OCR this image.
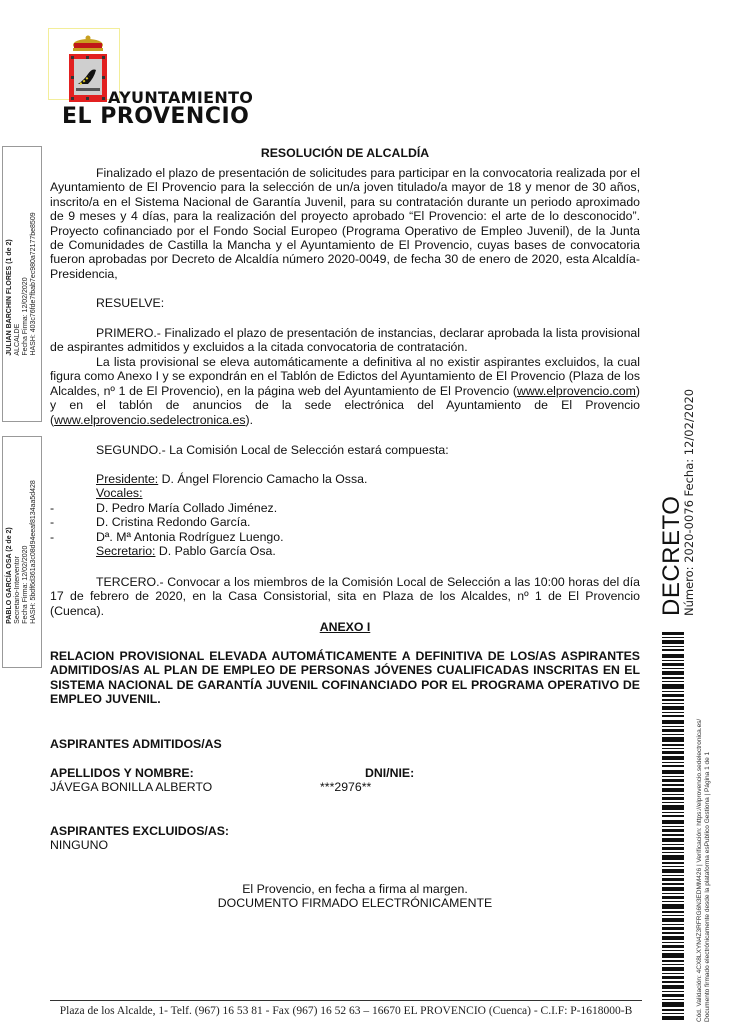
AYUNTAMIENTO
EL PROVENCIO
JULIAN BARCHIN FLORES (1 de 2) ALCALDE Fecha Firma: 12/02/2020 HASH: 403c76fde7fbab7ec980a72177be8509
PABLO GARCÍA OSA (2 de 2) Secretario-Interventor Fecha Firma: 12/02/2020 HASH: 5bdf6d361a3c08d94eeaf8134aa5d428
RESOLUCIÓN DE ALCALDÍA
Finalizado el plazo de presentación de solicitudes para participar en la convocatoria realizada por el Ayuntamiento de El Provencio para la selección de un/a joven titulado/a mayor de 18 y menor de 30 años, inscrito/a en el Sistema Nacional de Garantía Juvenil, para su contratación durante un periodo aproximado de 9 meses y 4 días, para la realización del proyecto aprobado “El Provencio: el arte de lo desconocido”. Proyecto cofinanciado por el Fondo Social Europeo (Programa Operativo de Empleo Juvenil), de la Junta de Comunidades de Castilla la Mancha y el Ayuntamiento de El Provencio, cuyas bases de convocatoria fueron aprobadas por Decreto de Alcaldía número 2020-0049, de fecha 30 de enero de 2020, esta Alcaldía-Presidencia,
RESUELVE:
PRIMERO.- Finalizado el plazo de presentación de instancias, declarar aprobada la lista provisional de aspirantes admitidos y excluidos a la citada convocatoria de contratación.
La lista provisional se eleva automáticamente a definitiva al no existir aspirantes excluidos, la cual figura como Anexo I y se expondrán en el Tablón de Edictos del Ayuntamiento de El Provencio (Plaza de los Alcaldes, nº 1 de El Provencio), en la página web del Ayuntamiento de El Provencio (www.elprovencio.com) y en el tablón de anuncios de la sede electrónica del Ayuntamiento de El Provencio (www.elprovencio.sedelectronica.es).
SEGUNDO.- La Comisión Local de Selección estará compuesta:
Presidente: D. Ángel Florencio Camacho la Ossa.
Vocales:
-	D. Pedro María Collado Jiménez.
-	D. Cristina Redondo García.
-	Dª. Mª Antonia Rodríguez Luengo.
Secretario: D. Pablo García Osa.
TERCERO.- Convocar a los miembros de la Comisión Local de Selección a las 10:00 horas del día 17 de febrero de 2020, en la Casa Consistorial, sita en Plaza de los Alcaldes, nº 1 de El Provencio (Cuenca).
ANEXO I
RELACION PROVISIONAL ELEVADA AUTOMÁTICAMENTE A DEFINITIVA DE LOS/AS ASPIRANTES ADMITIDOS/AS AL PLAN DE EMPLEO DE PERSONAS JÓVENES CUALIFICADAS INSCRITAS EN EL SISTEMA NACIONAL DE GARANTÍA JUVENIL COFINANCIADO POR EL PROGRAMA OPERATIVO DE EMPLEO JUVENIL.
ASPIRANTES ADMITIDOS/AS
APELLIDOS Y NOMBRE:	DNI/NIE:
JÁVEGA BONILLA ALBERTO	***2976**
ASPIRANTES EXCLUIDOS/AS:
NINGUNO
El Provencio, en fecha a firma al margen.
DOCUMENTO FIRMADO ELECTRÓNICAMENTE
DECRETO
Número: 2020-0076 Fecha: 12/02/2020
Cód. Validación: 4CX8LXYN4Z3RFRG6N3EDMM426 | Verificación: https://elprovencio.sedelectronica.es/ Documento firmado electrónicamente desde la plataforma esPublico Gestiona | Página 1 de 1
Plaza de los Alcalde, 1- Telf. (967) 16 53 81 - Fax (967) 16 52 63 – 16670 EL PROVENCIO (Cuenca) - C.I.F: P-1618000-B
